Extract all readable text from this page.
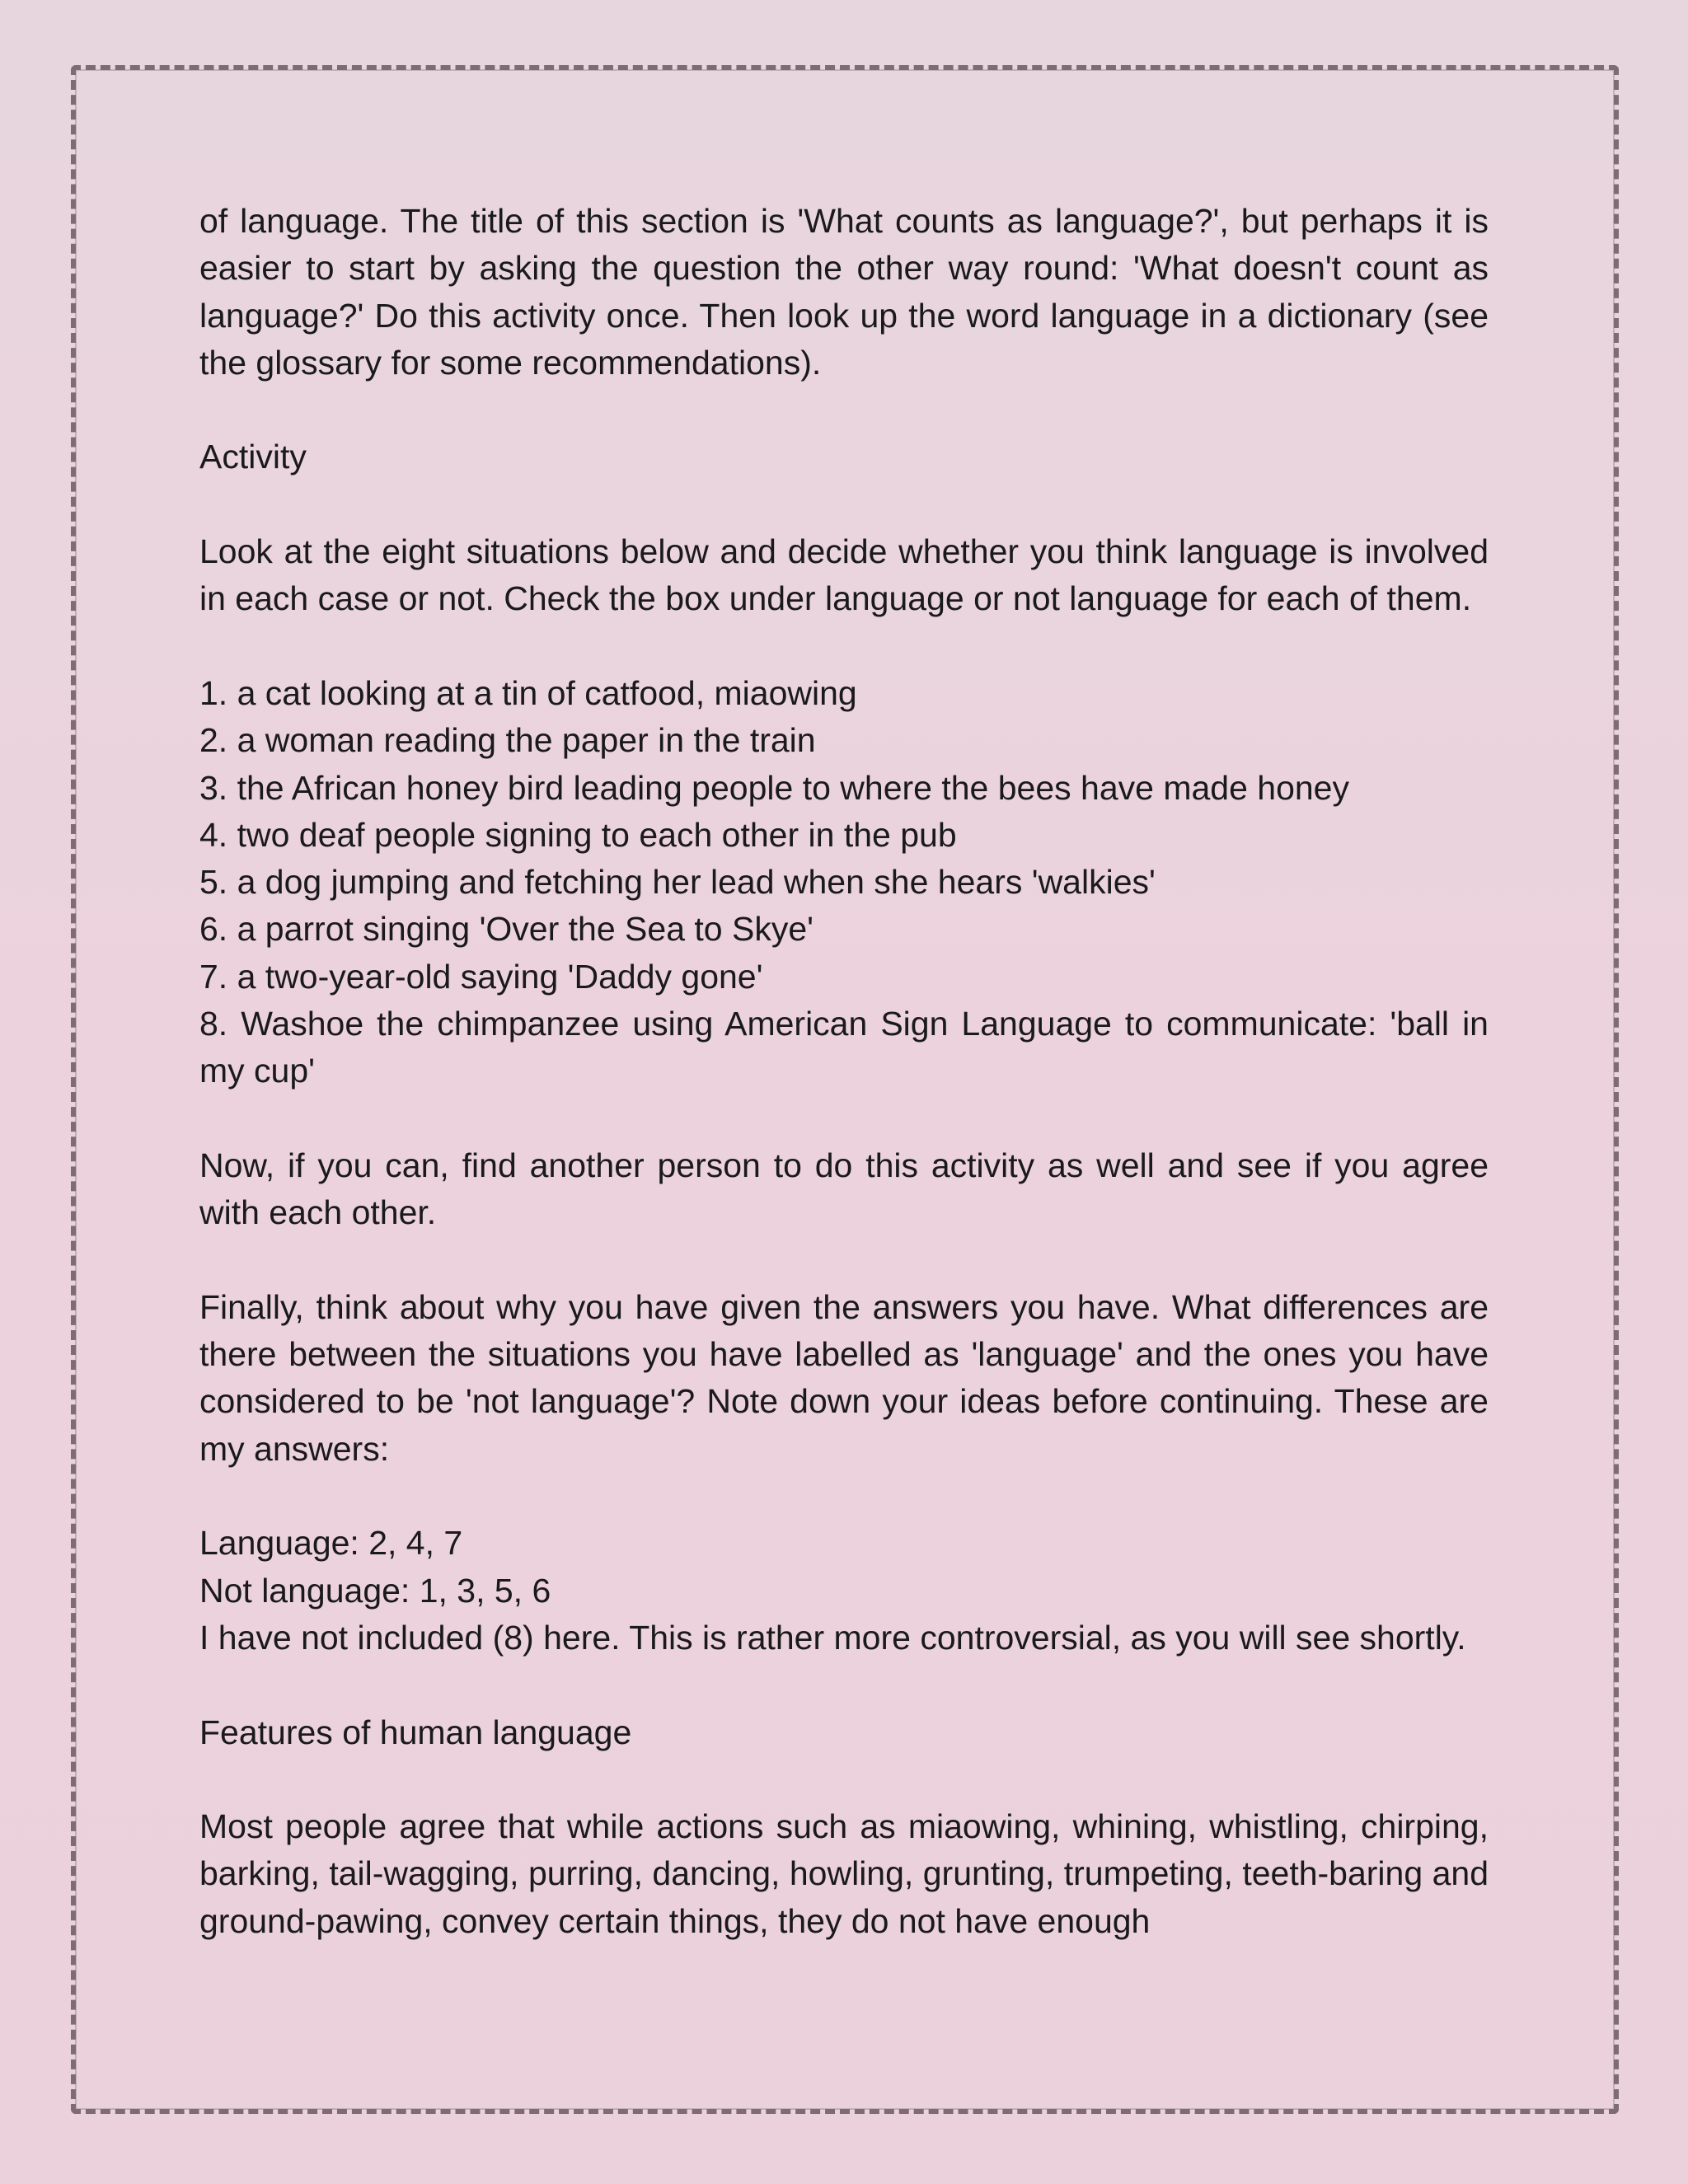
of language. The title of this section is 'What counts as language?', but perhaps it is easier to start by asking the question the other way round: 'What doesn't count as language?' Do this activity once. Then look up the word language in a dictionary (see the glossary for some recommendations).

Activity

Look at the eight situations below and decide whether you think language is involved in each case or not. Check the box under language or not language for each of them.

1. a cat looking at a tin of catfood, miaowing
2. a woman reading the paper in the train
3. the African honey bird leading people to where the bees have made honey
4. two deaf people signing to each other in the pub
5. a dog jumping and fetching her lead when she hears 'walkies'
6. a parrot singing 'Over the Sea to Skye'
7. a two-year-old saying 'Daddy gone'
8. Washoe the chimpanzee using American Sign Language to communicate: 'ball in my cup'

Now, if you can, find another person to do this activity as well and see if you agree with each other.

Finally, think about why you have given the answers you have. What differences are there between the situations you have labelled as 'language' and the ones you have considered to be 'not language'? Note down your ideas before continuing. These are my answers:

Language: 2, 4, 7
Not language: 1, 3, 5, 6
I have not included (8) here. This is rather more controversial, as you will see shortly.

Features of human language

Most people agree that while actions such as miaowing, whining, whistling, chirping, barking, tail-wagging, purring, dancing, howling, grunting, trumpeting, teeth-baring and ground-pawing, convey certain things, they do not have enough
